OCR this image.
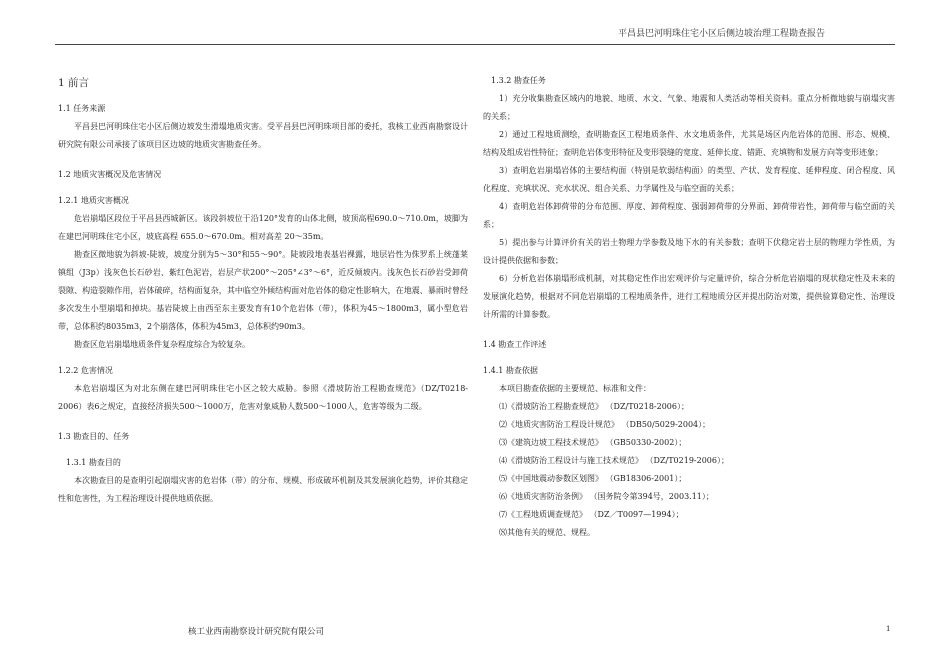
平昌县巴河明珠住宅小区后侧边坡治理工程勘查报告

1 前言

1.1 任务来源

平昌县巴河明珠住宅小区后侧边坡发生滑塌地质灾害。受平昌县巴河明珠项目部的委托，我核工业西南勘察设计研究院有限公司承接了该项目区边坡的地质灾害勘查任务。

1.2 地质灾害概况及危害情况

1.2.1 地质灾害概况

危岩崩塌区段位于平昌县西城新区。该段斜坡位于沿120°发育的山体北侧，坡顶高程690.0～710.0m，坡脚为在建巴河明珠住宅小区，坡底高程 655.0～670.0m。相对高差 20～35m。

勘查区微地貌为斜坡-陡坡，坡度分别为5～30°和55～90°。陡坡段地表基岩裸露，地层岩性为侏罗系上统蓬莱镇组（J3p）浅灰色长石砂岩、紫红色泥岩，岩层产状200°～205°∠3°～6°，近反倾坡内。浅灰色长石砂岩受卸荷裂隙、构造裂隙作用，岩体破碎，结构面复杂，其中临空外倾结构面对危岩体的稳定性影响大，在地震、暴雨时曾经多次发生小型崩塌和掉块。基岩陡坡上由西至东主要发育有10个危岩体（带），体积为45～1800m3，属小型危岩带，总体积约8035m3，2个崩落体，体积为45m3，总体积约90m3。

勘查区危岩崩塌地质条件复杂程度综合为较复杂。

1.2.2 危害情况

本危岩崩塌区为对北东侧在建巴河明珠住宅小区之较大威胁。参照《滑坡防治工程勘查规范》（DZ/T0218-2006）表6之规定，直接经济损失500～1000万，危害对象威胁人数500～1000人，危害等级为二级。

1.3 勘查目的、任务

1.3.1 勘查目的

本次勘查目的是查明引起崩塌灾害的危岩体（带）的分布、规模、形成破坏机制及其发展演化趋势，评价其稳定性和危害性，为工程治理设计提供地质依据。

1.3.2 勘查任务

1）充分收集勘查区域内的地貌、地质、水文、气象、地震和人类活动等相关资料。重点分析微地貌与崩塌灾害的关系；

2）通过工程地质测绘，查明勘查区工程地质条件、水文地质条件，尤其是场区内危岩体的范围、形态、规模、结构及组成岩性特征；查明危岩体变形特征及变形裂缝的宽度、延伸长度、错距、充填物和发展方向等变形迹象；

3）查明危岩崩塌岩体的主要结构面（特别是软弱结构面）的类型、产状、发育程度、延伸程度、闭合程度、风化程度、充填状况、充水状况、组合关系、力学属性及与临空面的关系；

4）查明危岩体卸荷带的分布范围、厚度、卸荷程度、强弱卸荷带的分界面、卸荷带岩性，卸荷带与临空面的关系；

5）提出参与计算评价有关的岩土物理力学参数及地下水的有关参数；查明下伏稳定岩土层的物理力学性质，为设计提供依据和参数；

6）分析危岩体崩塌形成机制，对其稳定性作出宏观评价与定量评价，综合分析危岩崩塌的现状稳定性及未来的发展演化趋势，根据对不同危岩崩塌的工程地质条件，进行工程地质分区并提出防治对策，提供验算稳定性、治理设计所需的计算参数。

1.4 勘查工作评述

1.4.1 勘查依据

本项目勘查依据的主要规范、标准和文件：

⑴《滑坡防治工程勘查规范》 （DZ/T0218-2006）；

⑵《地质灾害防治工程设计规范》 （DB50/5029-2004）；

⑶《建筑边坡工程技术规范》 （GB50330-2002）；

⑷《滑坡防治工程设计与施工技术规范》 （DZ/T0219-2006）；

⑸《中国地震动参数区划图》 （GB18306-2001）；

⑹《地质灾害防治条例》 （国务院令第394号，2003.11）；

⑺《工程地质调查规范》 （DZ／T0097—1994）；

⑻其他有关的规范、规程。

核工业西南勘察设计研究院有限公司	1
